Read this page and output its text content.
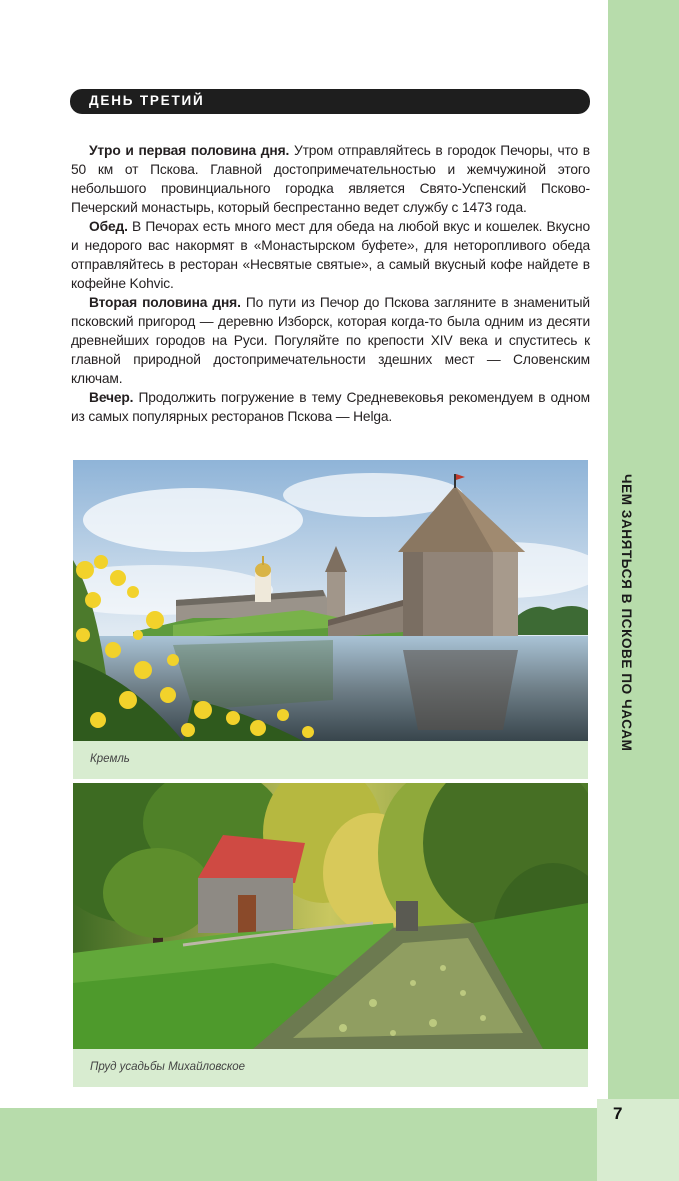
ЧЕМ ЗАНЯТЬСЯ В ПСКОВЕ ПО ЧАСАМ
7
ДЕНЬ ТРЕТИЙ

Утро и первая половина дня. Утром отправляйтесь в городок Печоры, что в 50 км от Пскова. Главной достопримечательностью и жемчужиной этого небольшого провинциального городка является Свято-Успенский Псково-Печерский монастырь, который беспрестанно ведет службу с 1473 года.

Обед. В Печорах есть много мест для обеда на любой вкус и кошелек. Вкусно и недорого вас накормят в «Монастырском буфете», для неторопливого обеда отправляйтесь в ресторан «Несвятые святые», а самый вкусный кофе найдете в кофейне Kohvic.

Вторая половина дня. По пути из Печор до Пскова загляните в знаменитый псковский пригород — деревню Изборск, которая когда-то была одним из десяти древнейших городов на Руси. Погуляйте по крепости XIV века и спуститесь к главной природной достопримечательности здешних мест — Словенским ключам.

Вечер. Продолжить погружение в тему Средневековья рекомендуем в одном из самых популярных ресторанов Пскова — Helga.

Кремль
Пруд усадьбы Михайловское
